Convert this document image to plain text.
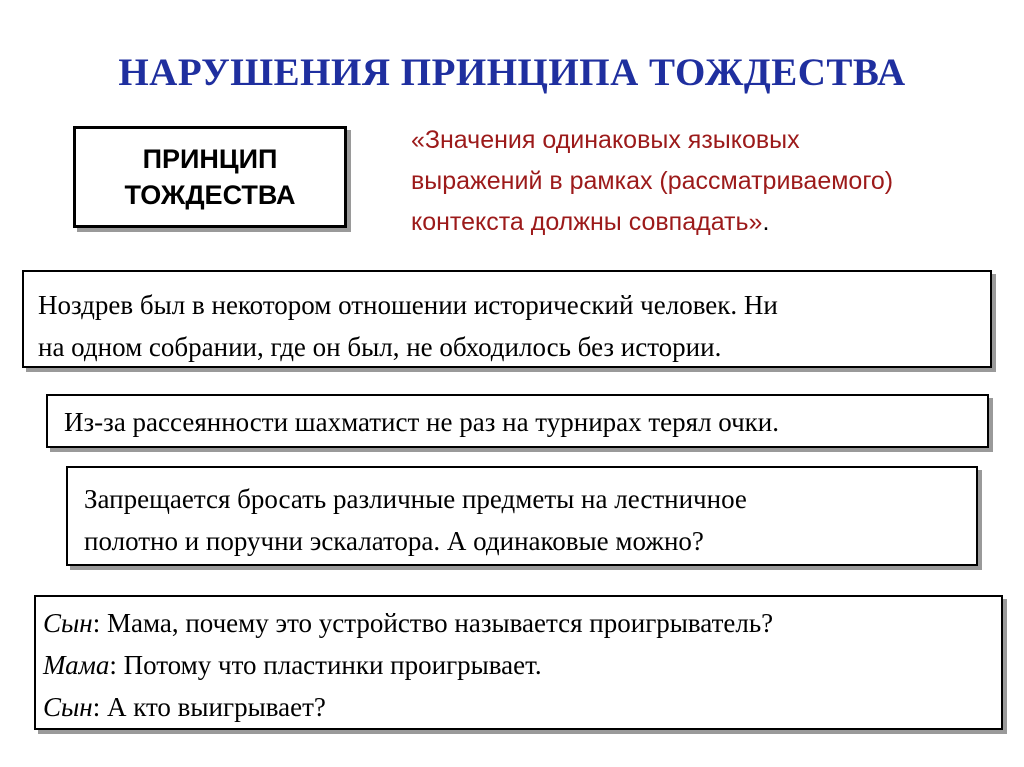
НАРУШЕНИЯ ПРИНЦИПА ТОЖДЕСТВА
ПРИНЦИП
ТОЖДЕСТВА
«Значения одинаковых языковых
выражений в рамках (рассматриваемого)
контекста должны совпадать».
Ноздрев был в некотором отношении исторический человек. Ни
на одном собрании, где он был, не обходилось без истории.
Из-за рассеянности шахматист не раз на турнирах терял очки.
Запрещается бросать различные предметы на лестничное
полотно и поручни эскалатора. А одинаковые можно?
Сын: Мама, почему это устройство называется проигрыватель?
Мама: Потому что пластинки проигрывает.
Сын: А кто выигрывает?
